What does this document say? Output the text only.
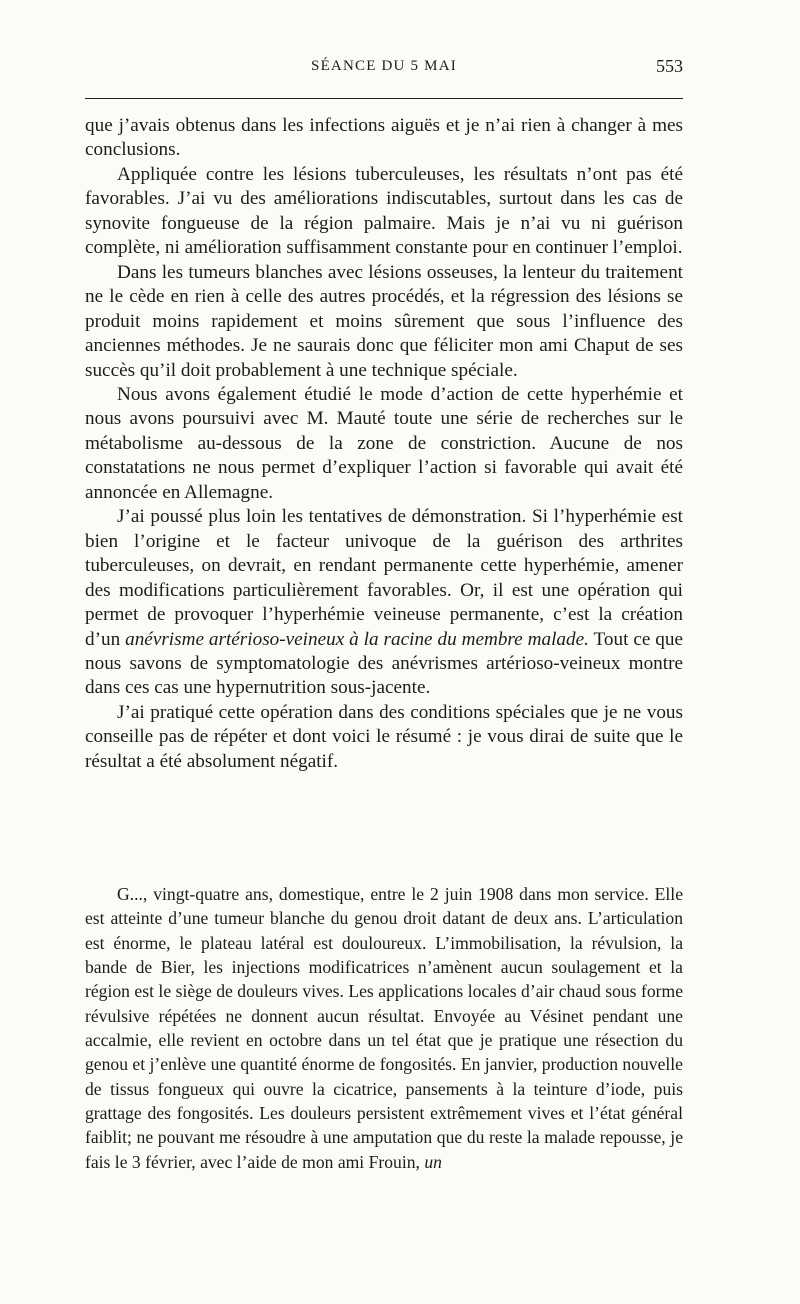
SÉANCE DU 5 MAI	553

que j’avais obtenus dans les infections aiguës et je n’ai rien à changer à mes conclusions.

Appliquée contre les lésions tuberculeuses, les résultats n’ont pas été favorables. J’ai vu des améliorations indiscutables, surtout dans les cas de synovite fongueuse de la région palmaire. Mais je n’ai vu ni guérison complète, ni amélioration suffisamment constante pour en continuer l’emploi.

Dans les tumeurs blanches avec lésions osseuses, la lenteur du traitement ne le cède en rien à celle des autres procédés, et la régression des lésions se produit moins rapidement et moins sûrement que sous l’influence des anciennes méthodes. Je ne saurais donc que féliciter mon ami Chaput de ses succès qu’il doit probablement à une technique spéciale.

Nous avons également étudié le mode d’action de cette hyperhémie et nous avons poursuivi avec M. Mauté toute une série de recherches sur le métabolisme au-dessous de la zone de constriction. Aucune de nos constatations ne nous permet d’expliquer l’action si favorable qui avait été annoncée en Allemagne.

J’ai poussé plus loin les tentatives de démonstration. Si l’hyperhémie est bien l’origine et le facteur univoque de la guérison des arthrites tuberculeuses, on devrait, en rendant permanente cette hyperhémie, amener des modifications particulièrement favorables. Or, il est une opération qui permet de provoquer l’hyperhémie veineuse permanente, c’est la création d’un anévrisme artérioso-veineux à la racine du membre malade. Tout ce que nous savons de symptomatologie des anévrismes artérioso-veineux montre dans ces cas une hypernutrition sous-jacente.

J’ai pratiqué cette opération dans des conditions spéciales que je ne vous conseille pas de répéter et dont voici le résumé : je vous dirai de suite que le résultat a été absolument négatif.

G..., vingt-quatre ans, domestique, entre le 2 juin 1908 dans mon service. Elle est atteinte d’une tumeur blanche du genou droit datant de deux ans. L’articulation est énorme, le plateau latéral est douloureux. L’immobilisation, la révulsion, la bande de Bier, les injections modificatrices n’amènent aucun soulagement et la région est le siège de douleurs vives. Les applications locales d’air chaud sous forme révulsive répétées ne donnent aucun résultat. Envoyée au Vésinet pendant une accalmie, elle revient en octobre dans un tel état que je pratique une résection du genou et j’enlève une quantité énorme de fongosités. En janvier, production nouvelle de tissus fongueux qui ouvre la cicatrice, pansements à la teinture d’iode, puis grattage des fongosités. Les douleurs persistent extrêmement vives et l’état général faiblit; ne pouvant me résoudre à une amputation que du reste la malade repousse, je fais le 3 février, avec l’aide de mon ami Frouin, un
